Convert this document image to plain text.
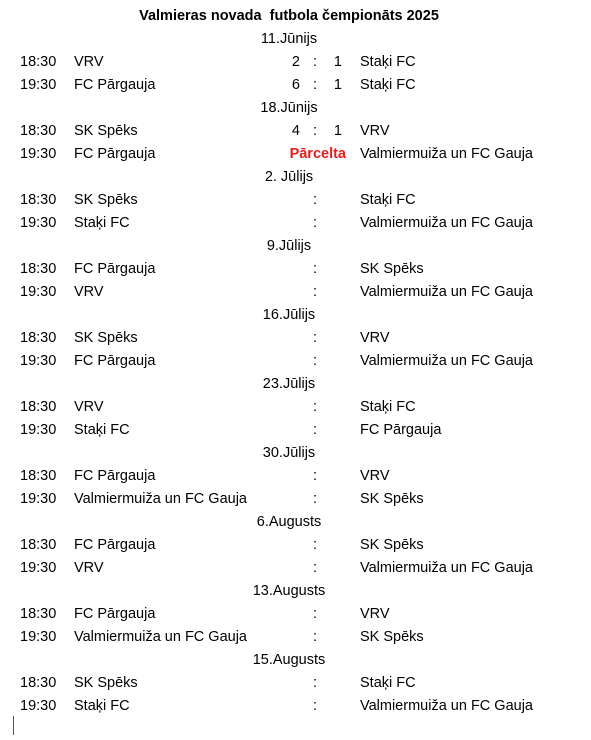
Valmieras novada  futbola čempionāts 2025
11.Jūnijs
18:30 VRV	2 : 1 Staķi FC
19:30 FC Pārgauja	6 : 1 Staķi FC
18.Jūnijs
18:30 SK Spēks	4 : 1 VRV
19:30 FC Pārgauja	Pārcelta Valmiermuiža un FC Gauja
2. Jūlijs
18:30 SK Spēks	:	Staķi FC
19:30 Staķi FC	:	Valmiermuiža un FC Gauja
9.Jūlijs
18:30 FC Pārgauja	:	SK Spēks
19:30 VRV	:	Valmiermuiža un FC Gauja
16.Jūlijs
18:30 SK Spēks	:	VRV
19:30 FC Pārgauja	:	Valmiermuiža un FC Gauja
23.Jūlijs
18:30 VRV	:	Staķi FC
19:30 Staķi FC	:	FC Pārgauja
30.Jūlijs
18:30 FC Pārgauja	:	VRV
19:30 Valmiermuiža un FC Gauja	:	SK Spēks
6.Augusts
18:30 FC Pārgauja	:	SK Spēks
19:30 VRV	:	Valmiermuiža un FC Gauja
13.Augusts
18:30 FC Pārgauja	:	VRV
19:30 Valmiermuiža un FC Gauja	:	SK Spēks
15.Augusts
18:30 SK Spēks	:	Staķi FC
19:30 Staķi FC	:	Valmiermuiža un FC Gauja
